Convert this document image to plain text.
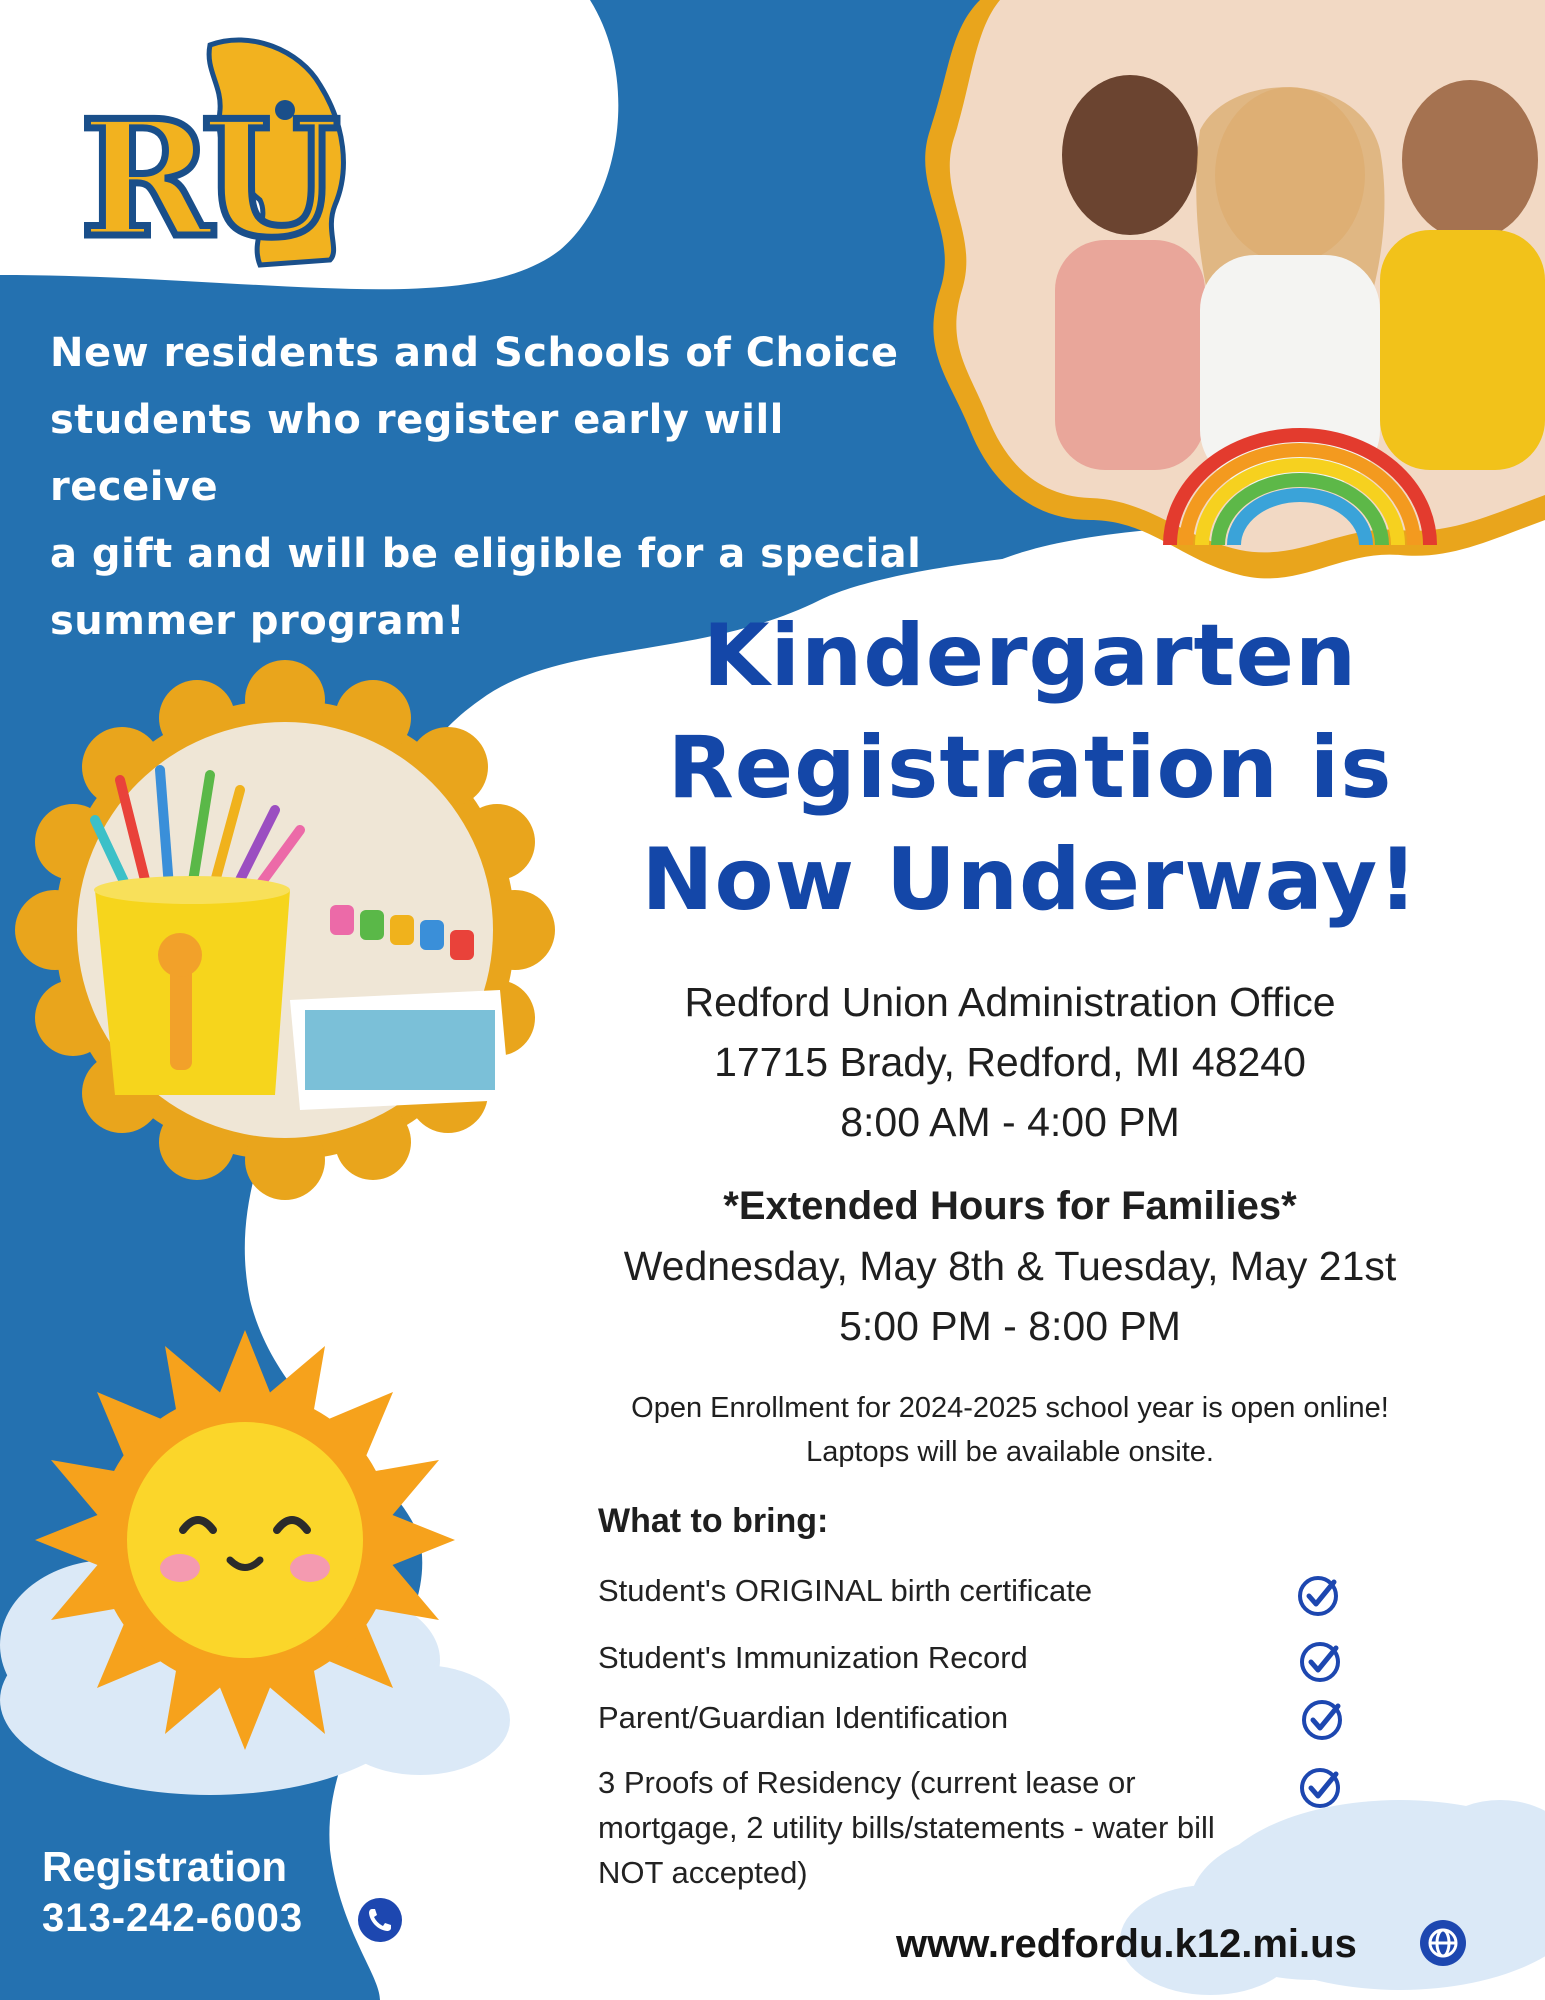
RU
New residents and Schools of Choice
students who register early will receive
a gift and will be eligible for a special
summer program!	Kindergarten
Registration is
Now Underway!
Redford Union Administration Office
17715 Brady, Redford, MI 48240
8:00 AM - 4:00 PM
*Extended Hours for Families*
Wednesday, May 8th & Tuesday, May 21st
5:00 PM - 8:00 PM
Open Enrollment for 2024-2025 school year is open online!
Laptops will be available onsite.
What to bring:
Student's ORIGINAL birth certificate
Student's Immunization Record
Parent/Guardian Identification
3 Proofs of Residency (current lease or mortgage, 2 utility bills/statements - water bill NOT accepted)
Registration
313-242-6003
www.redfordu.k12.mi.us
